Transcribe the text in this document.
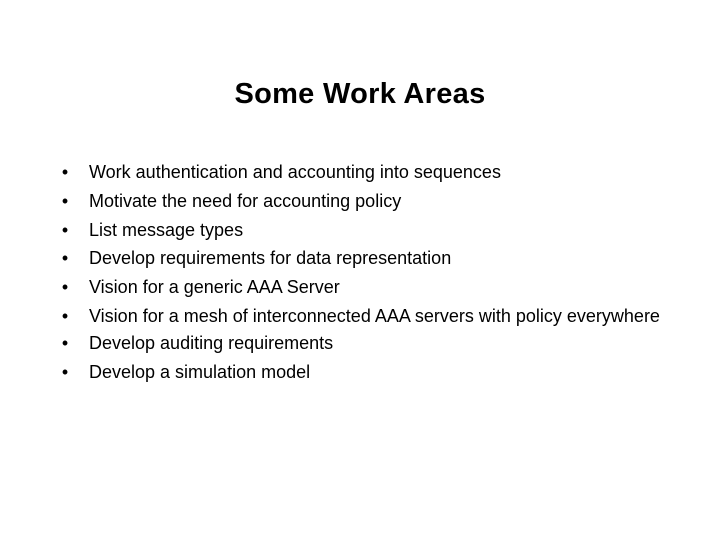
Some Work Areas
• Work authentication and accounting into sequences
• Motivate the need for accounting policy
• List message types
• Develop requirements for data representation
• Vision for a generic AAA Server
• Vision for a mesh of interconnected AAA servers with policy everywhere
• Develop auditing requirements
• Develop a simulation model
